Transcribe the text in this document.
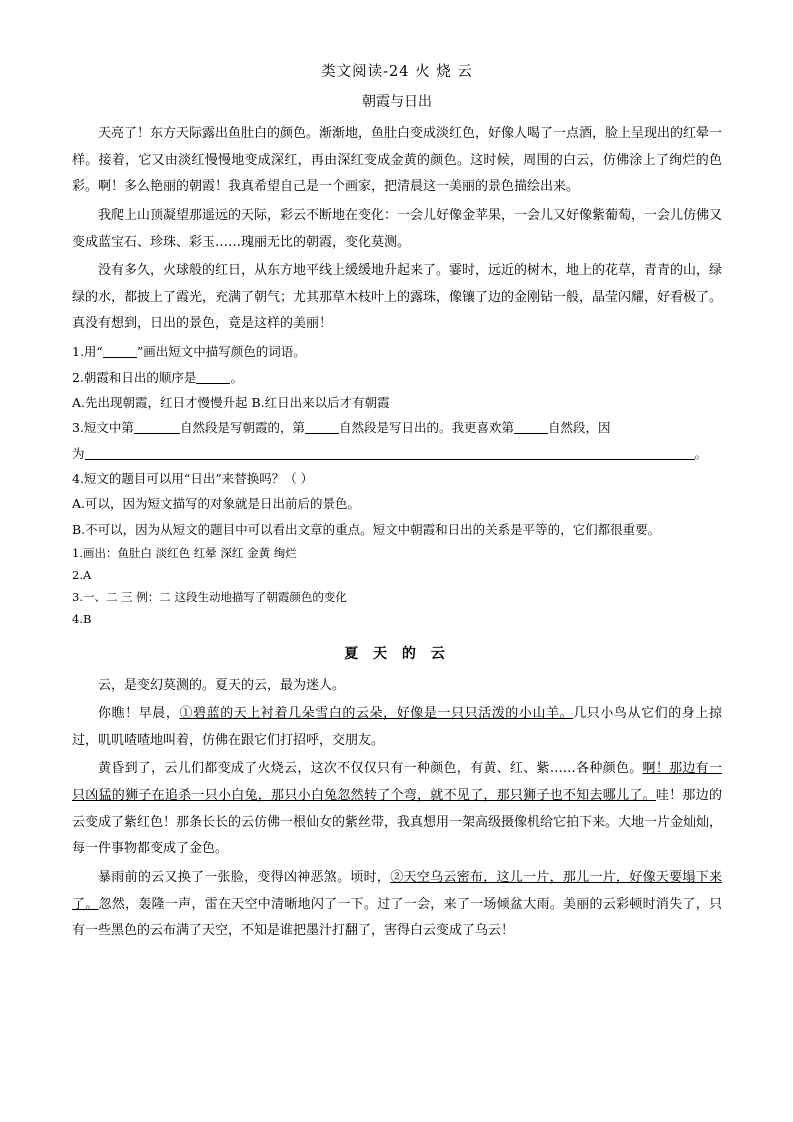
类文阅读-24 火 烧 云
朝霞与日出

天亮了！东方天际露出鱼肚白的颜色。渐渐地，鱼肚白变成淡红色，好像人喝了一点酒，脸上呈现出的红晕一样。接着，它又由淡红慢慢地变成深红，再由深红变成金黄的颜色。这时候，周围的白云，仿佛涂上了绚烂的色彩。啊！多么艳丽的朝霞！我真希望自己是一个画家，把清晨这一美丽的景色描绘出来。

我爬上山顶凝望那遥远的天际，彩云不断地在变化：一会儿好像金苹果，一会儿又好像紫葡萄，一会儿仿佛又变成蓝宝石、珍珠、彩玉……瑰丽无比的朝霞，变化莫测。

没有多久，火球般的红日，从东方地平线上缓缓地升起来了。霎时，远近的树木，地上的花草，青青的山，绿绿的水，都披上了霞光，充满了朝气；尤其那草木枝叶上的露珠，像镶了边的金刚钻一般，晶莹闪耀，好看极了。真没有想到，日出的景色，竟是这样的美丽！

1.用“	”画出短文中描写颜色的词语。

2.朝霞和日出的顺序是	。

A.先出现朝霞，红日才慢慢升起 B.红日出来以后才有朝霞

3.短文中第	自然段是写朝霞的，第	自然段是写日出的。我更喜欢第	自然段，因

为	。

4.短文的题目可以用“日出”来替换吗？（ ）

A.可以，因为短文描写的对象就是日出前后的景色。

B.不可以，因为从短文的题目中可以看出文章的重点。短文中朝霞和日出的关系是平等的，它们都很重要。

1.画出：鱼肚白 淡红色 红晕 深红 金黄 绚烂

2.A

3.一、二 三 例：二 这段生动地描写了朝霞颜色的变化

4.B

夏 天 的 云

云，是变幻莫测的。夏天的云，最为迷人。

你瞧！早晨，①碧蓝的天上衬着几朵雪白的云朵，好像是一只只活泼的小山羊。几只小鸟从它们的身上掠过，叽叽喳喳地叫着，仿佛在跟它们打招呼，交朋友。

黄昏到了，云儿们都变成了火烧云，这次不仅仅只有一种颜色，有黄、红、紫……各种颜色。啊！那边有一只凶猛的狮子在追杀一只小白兔，那只小白兔忽然转了个弯，就不见了，那只狮子也不知去哪儿了。哇！那边的云变成了紫红色！那条长长的云仿佛一根仙女的紫丝带，我真想用一架高级摄像机给它拍下来。大地一片金灿灿，每一件事物都变成了金色。

暴雨前的云又换了一张脸，变得凶神恶煞。顷时，②天空乌云密布，这儿一片，那儿一片，好像天要塌下来了。忽然，轰隆一声，雷在天空中清晰地闪了一下。过了一会，来了一场倾盆大雨。美丽的云彩顿时消失了，只有一些黑色的云布满了天空，不知是谁把墨汁打翻了，害得白云变成了乌云！
